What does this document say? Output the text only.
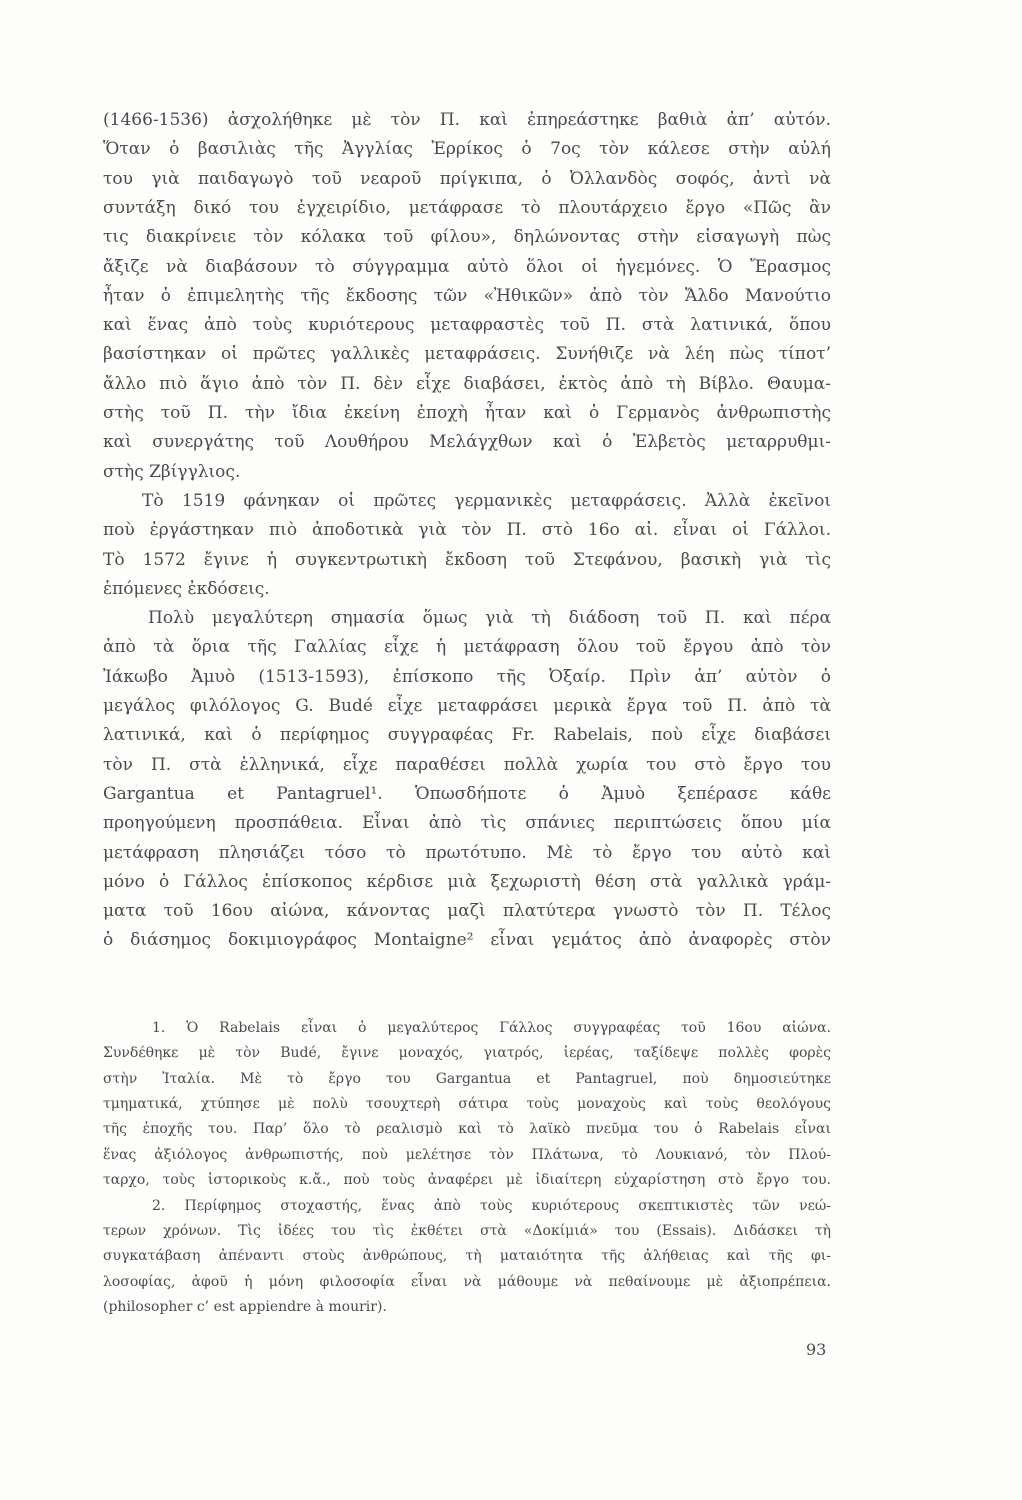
(1466-1536) ἀσχολήθηκε μὲ τὸν Π. καὶ ἐπηρεάστηκε βαθιὰ ἀπ’ αὐτόν.
Ὅταν ὁ βασιλιὰς τῆς Ἀγγλίας Ἐρρίκος ὁ 7ος τὸν κάλεσε στὴν αὐλή
του γιὰ παιδαγωγὸ τοῦ νεαροῦ πρίγκιπα, ὁ Ὀλλανδὸς σοφός, ἀντὶ νὰ
συντάξη δικό του ἐγχειρίδιο, μετάφρασε τὸ πλουτάρχειο ἔργο «Πῶς ἂν
τις διακρίνειε τὸν κόλακα τοῦ φίλου», δηλώνοντας στὴν εἰσαγωγὴ πὼς
ἄξιζε νὰ διαβάσουν τὸ σύγγραμμα αὐτὸ ὅλοι οἱ ἡγεμόνες. Ὁ Ἔρασμος
ἦταν ὁ ἐπιμελητὴς τῆς ἔκδοσης τῶν «Ἠθικῶν» ἀπὸ τὸν Ἄλδο Μανούτιο
καὶ ἕνας ἀπὸ τοὺς κυριότερους μεταφραστὲς τοῦ Π. στὰ λατινικά, ὅπου
βασίστηκαν οἱ πρῶτες γαλλικὲς μεταφράσεις. Συνήθιζε νὰ λέη πὼς τίποτ’
ἄλλο πιὸ ἅγιο ἀπὸ τὸν Π. δὲν εἶχε διαβάσει, ἐκτὸς ἀπὸ τὴ Βίβλο. Θαυμα-
στὴς τοῦ Π. τὴν ἴδια ἐκείνη ἐποχὴ ἦταν καὶ ὁ Γερμανὸς ἀνθρωπιστὴς
καὶ συνεργάτης τοῦ Λουθήρου Μελάγχθων καὶ ὁ Ἐλβετὸς μεταρρυθμι-
στὴς Ζβίγγλιος.
Τὸ 1519 φάνηκαν οἱ πρῶτες γερμανικὲς μεταφράσεις. Ἀλλὰ ἐκεῖνοι
ποὺ ἐργάστηκαν πιὸ ἀποδοτικὰ γιὰ τὸν Π. στὸ 16ο αἰ. εἶναι οἱ Γάλλοι.
Τὸ 1572 ἔγινε ἡ συγκεντρωτικὴ ἔκδοση τοῦ Στεφάνου, βασικὴ γιὰ τὶς
ἑπόμενες ἐκδόσεις.
Πολὺ μεγαλύτερη σημασία ὅμως γιὰ τὴ διάδοση τοῦ Π. καὶ πέρα
ἀπὸ τὰ ὅρια τῆς Γαλλίας εἶχε ἡ μετάφραση ὅλου τοῦ ἔργου ἀπὸ τὸν
Ἰάκωβο Ἀμυὸ (1513-1593), ἐπίσκοπο τῆς Ὀξαίρ. Πρὶν ἀπ’ αὐτὸν ὁ
μεγάλος φιλόλογος G. Budé εἶχε μεταφράσει μερικὰ ἔργα τοῦ Π. ἀπὸ τὰ
λατινικά, καὶ ὁ περίφημος συγγραφέας Fr. Rabelais, ποὺ εἶχε διαβάσει
τὸν Π. στὰ ἑλληνικά, εἶχε παραθέσει πολλὰ χωρία του στὸ ἔργο του
Gargantua et Pantagruel¹. Ὁπωσδήποτε ὁ Ἀμυὸ ξεπέρασε κάθε
προηγούμενη προσπάθεια. Εἶναι ἀπὸ τὶς σπάνιες περιπτώσεις ὅπου μία
μετάφραση πλησιάζει τόσο τὸ πρωτότυπο. Μὲ τὸ ἔργο του αὐτὸ καὶ
μόνο ὁ Γάλλος ἐπίσκοπος κέρδισε μιὰ ξεχωριστὴ θέση στὰ γαλλικὰ γράμ-
ματα τοῦ 16ου αἰώνα, κάνοντας μαζὶ πλατύτερα γνωστὸ τὸν Π. Τέλος
ὁ διάσημος δοκιμιογράφος Montaigne² εἶναι γεμάτος ἀπὸ ἀναφορὲς στὸν
1. Ὁ Rabelais εἶναι ὁ μεγαλύτερος Γάλλος συγγραφέας τοῦ 16ου αἰώνα.
Συνδέθηκε μὲ τὸν Budé, ἔγινε μοναχός, γιατρός, ἱερέας, ταξίδεψε πολλὲς φορὲς
στὴν Ἰταλία. Μὲ τὸ ἔργο του Gargantua et Pantagruel, ποὺ δημοσιεύτηκε
τμηματικά, χτύπησε μὲ πολὺ τσουχτερὴ σάτιρα τοὺς μοναχοὺς καὶ τοὺς θεολόγους
τῆς ἐποχῆς του. Παρ’ ὅλο τὸ ρεαλισμὸ καὶ τὸ λαϊκὸ πνεῦμα του ὁ Rabelais εἶναι
ἕνας ἀξιόλογος ἀνθρωπιστής, ποὺ μελέτησε τὸν Πλάτωνα, τὸ Λουκιανό, τὸν Πλού-
ταρχο, τοὺς ἱστορικοὺς κ.ἄ., ποὺ τοὺς ἀναφέρει μὲ ἰδιαίτερη εὐχαρίστηση στὸ ἔργο του.
2. Περίφημος στοχαστής, ἕνας ἀπὸ τοὺς κυριότερους σκεπτικιστὲς τῶν νεώ-
τερων χρόνων. Τὶς ἰδέες του τὶς ἐκθέτει στὰ «Δοκίμιά» του (Essais). Διδάσκει τὴ
συγκατάβαση ἀπέναντι στοὺς ἀνθρώπους, τὴ ματαιότητα τῆς ἀλήθειας καὶ τῆς φι-
λοσοφίας, ἀφοῦ ἡ μόνη φιλοσοφία εἶναι νὰ μάθουμε νὰ πεθαίνουμε μὲ ἀξιοπρέπεια.
(philosopher c’ est appiendre à mourir).
93
